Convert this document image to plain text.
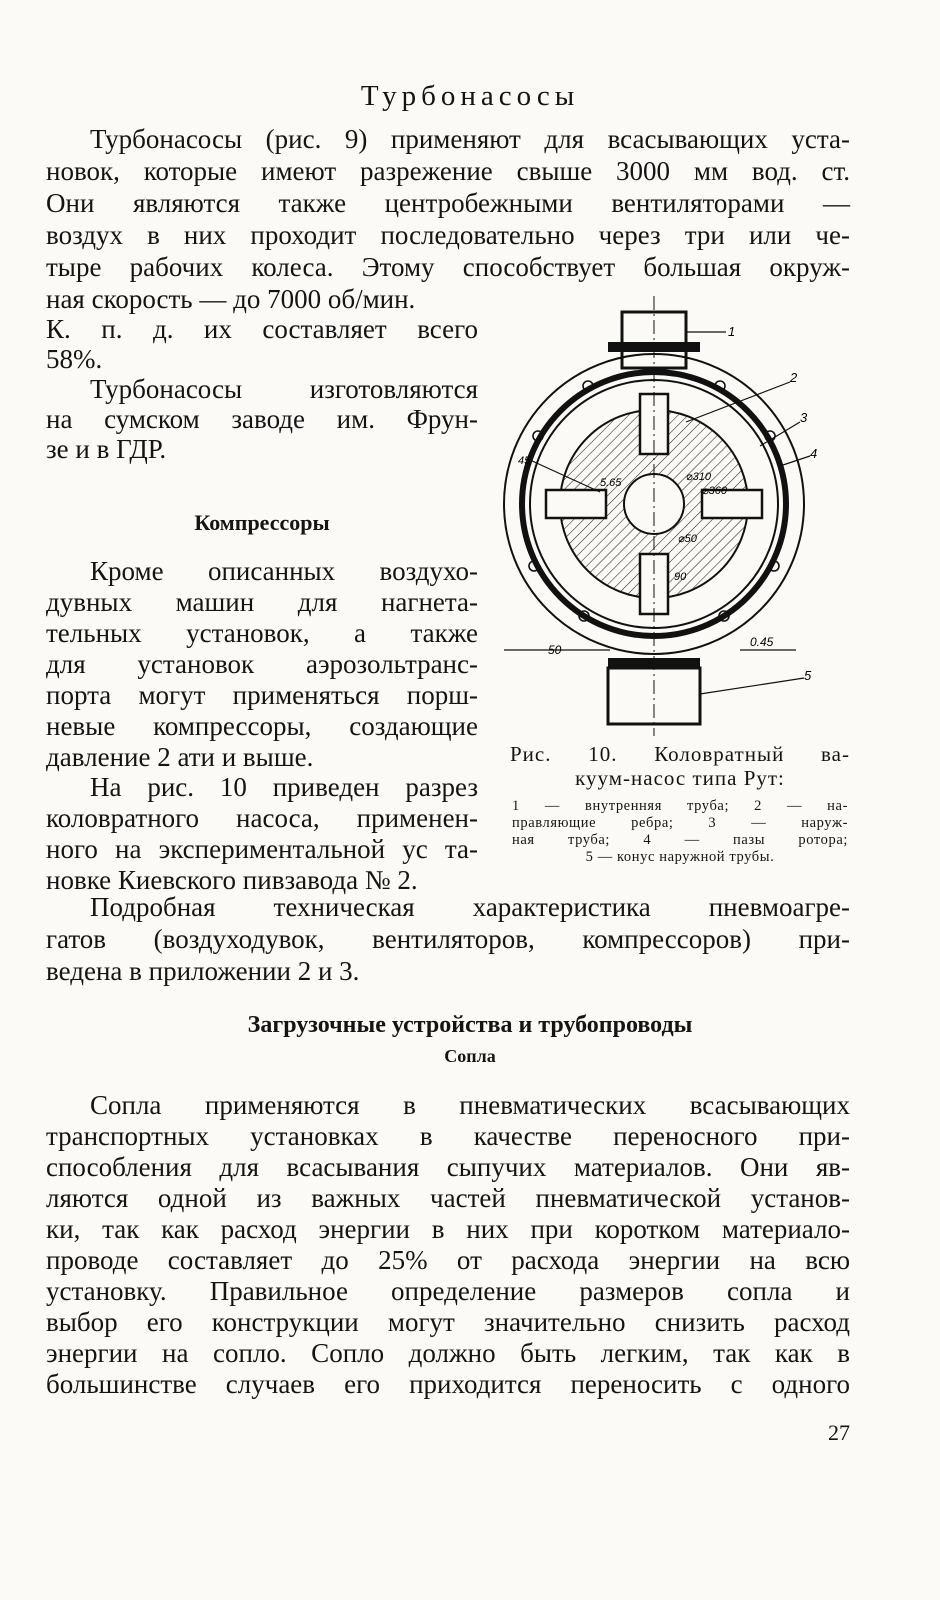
Турбонасосы
Турбонасосы (рис. 9) применяют для всасывающих уста-
новок, которые имеют разрежение свыше 3000 мм вод. ст.
Они являются также центробежными вентиляторами —
воздух в них проходит последовательно через три или че-
тыре рабочих колеса. Этому способствует большая окруж-
ная скорость — до 7000 об/мин.
К. п. д. их составляет всего
58%.
Турбонасосы изготовляются
на сумском заводе им. Фрун-
зе и в ГДР.
Компрессоры
Кроме описанных воздухо-
дувных машин для нагнета-
тельных установок, а также
для установок аэрозольтранс-
порта могут применяться порш-
невые компрессоры, создающие
давление 2 ати и выше.
На рис. 10 приведен разрез
коловратного насоса, применен-
ного на экспериментальной ус та-
новке Киевского пивзавода № 2.
1
2
3
4
5
45
5.65	⌀310
⌀360
⌀50
90
50
0.45
Рис. 10. Коловратный ва-
куум-насос типа Рут:
1 — внутренняя труба; 2 — на-
правляющие ребра; 3 — наруж-
ная труба; 4 — пазы ротора;
5 — конус наружной трубы.
Подробная техническая характеристика пневмоагре-
гатов (воздуходувок, вентиляторов, компрессоров) при-
ведена в приложении 2 и 3.
Загрузочные устройства и трубопроводы
Сопла
Сопла применяются в пневматических всасывающих
транспортных установках в качестве переносного при-
способления для всасывания сыпучих материалов. Они яв-
ляются одной из важных частей пневматической установ-
ки, так как расход энергии в них при коротком материало-
проводе составляет до 25% от расхода энергии на всю
установку. Правильное определение размеров сопла и
выбор его конструкции могут значительно снизить расход
энергии на сопло. Сопло должно быть легким, так как в
большинстве случаев его приходится переносить с одного
27
